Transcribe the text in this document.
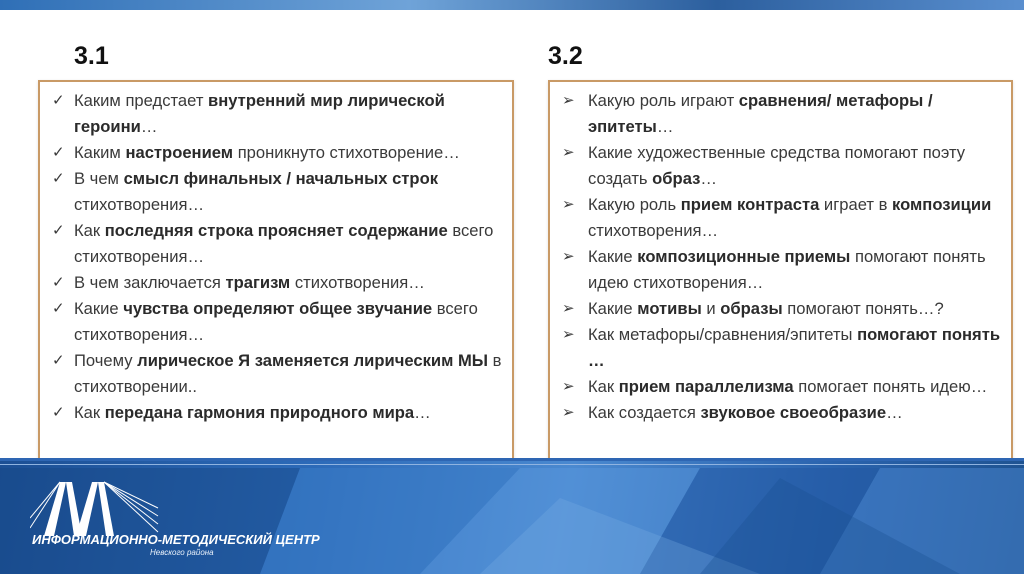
3.1	3.2
✓ Каким предстает внутренний мир лирической героини…
✓ Каким настроением проникнуто стихотворение…
✓ В чем смысл финальных / начальных строк стихотворения…
✓ Как последняя строка проясняет содержание всего стихотворения…
✓ В чем заключается трагизм стихотворения…
✓ Какие чувства определяют общее звучание всего стихотворения…
✓ Почему лирическое Я заменяется лирическим МЫ в стихотворении..
✓ Как передана гармония природного мира…
➢ Какую роль играют сравнения/ метафоры / эпитеты…
➢ Какие художественные средства помогают поэту создать образ…
➢ Какую роль прием контраста играет в композиции стихотворения…
➢ Какие композиционные приемы помогают понять идею стихотворения…
➢ Какие мотивы и образы помогают понять…?
➢ Как метафоры/сравнения/эпитеты помогают понять …
➢ Как прием параллелизма помогает понять идею…
➢ Как создается звуковое своеобразие…
ИНФОРМАЦИОННО-МЕТОДИЧЕСКИЙ ЦЕНТР
Невского района
